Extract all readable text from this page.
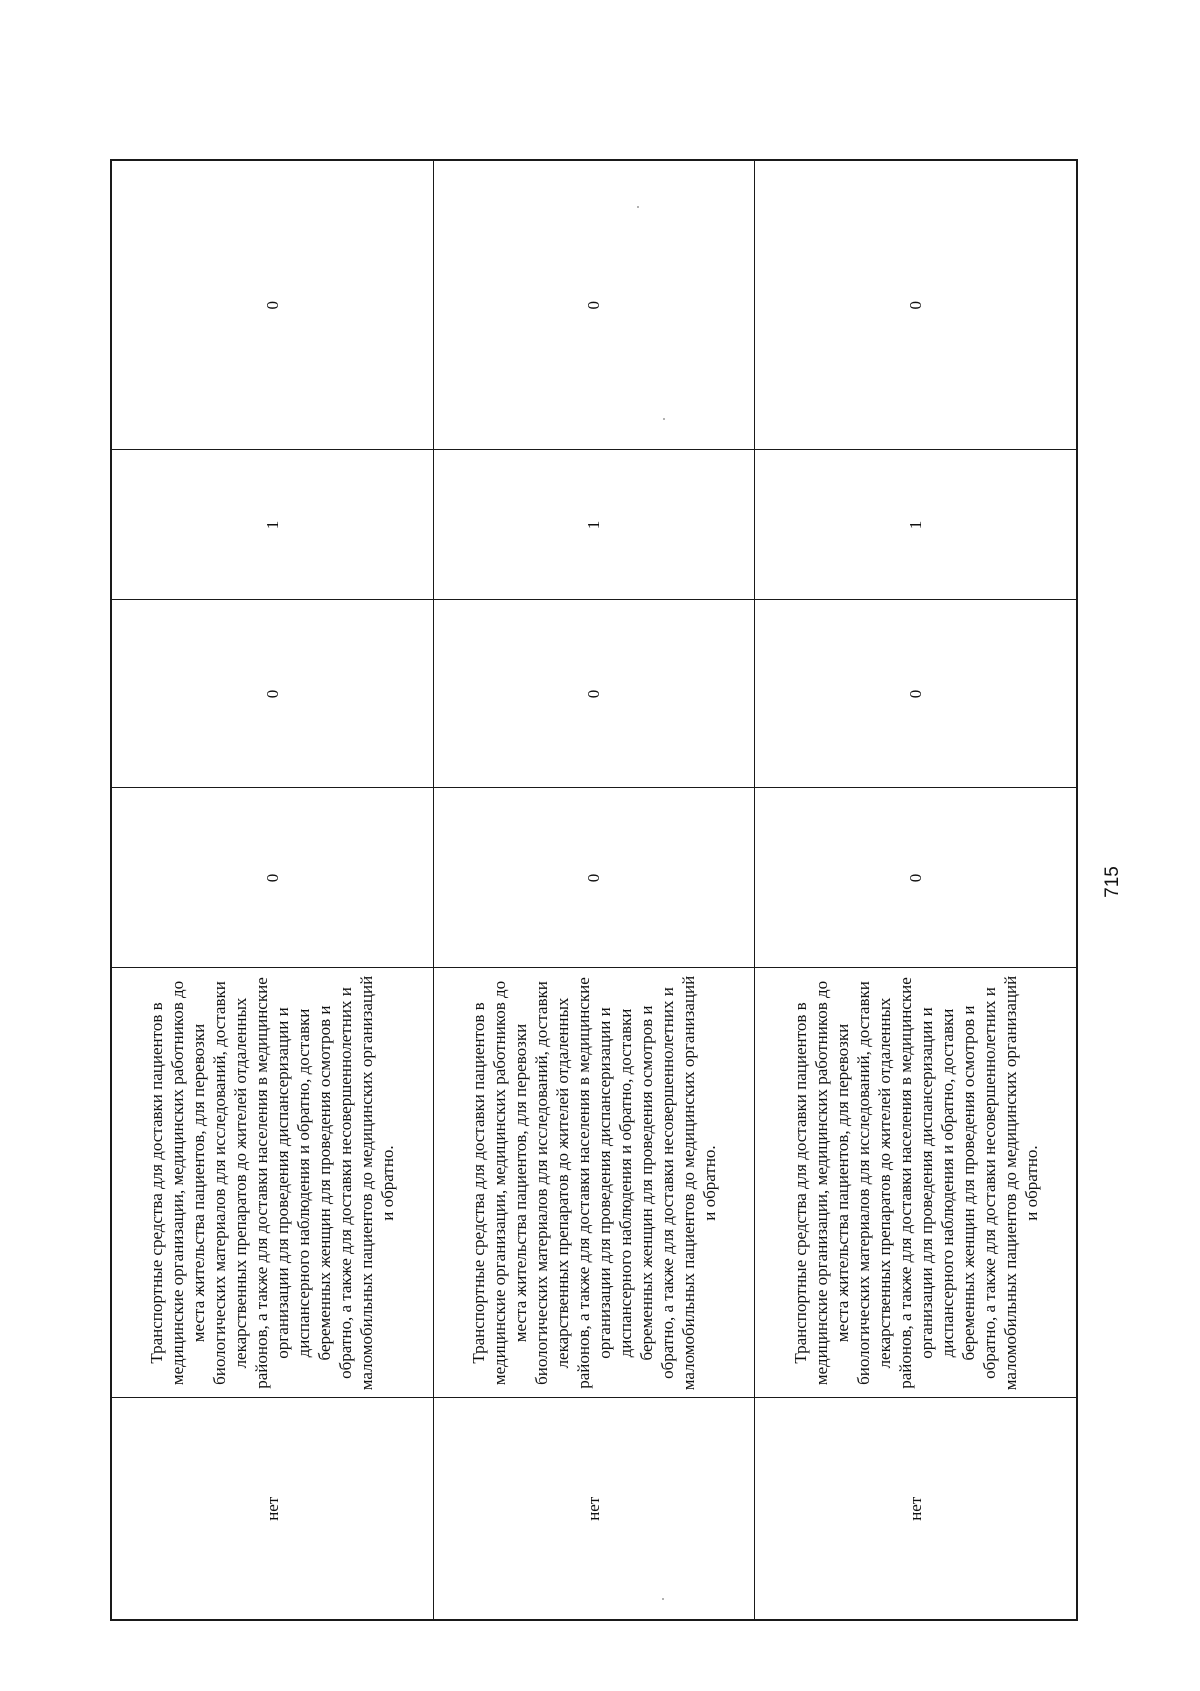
нет	Транспортные средства для доставки пациентов в медицинские организации, медицинских работников до места жительства пациентов, для перевозки биологических материалов для исследований, доставки лекарственных препаратов до жителей отдаленных районов, а также для доставки населения в медицинские организации для проведения диспансеризации и диспансерного наблюдения и обратно, доставки беременных женщин для проведения осмотров и обратно, а также для доставки несовершеннолетних и маломобильных пациентов до медицинских организаций и обратно.	0	0	1	0
нет	Транспортные средства для доставки пациентов в медицинские организации, медицинских работников до места жительства пациентов, для перевозки биологических материалов для исследований, доставки лекарственных препаратов до жителей отдаленных районов, а также для доставки населения в медицинские организации для проведения диспансеризации и диспансерного наблюдения и обратно, доставки беременных женщин для проведения осмотров и обратно, а также для доставки несовершеннолетних и маломобильных пациентов до медицинских организаций и обратно.	0	0	1	0
нет	Транспортные средства для доставки пациентов в медицинские организации, медицинских работников до места жительства пациентов, для перевозки биологических материалов для исследований, доставки лекарственных препаратов до жителей отдаленных районов, а также для доставки населения в медицинские организации для проведения диспансеризации и диспансерного наблюдения и обратно, доставки беременных женщин для проведения осмотров и обратно, а также для доставки несовершеннолетних и маломобильных пациентов до медицинских организаций и обратно.	0	0	1	0
715
